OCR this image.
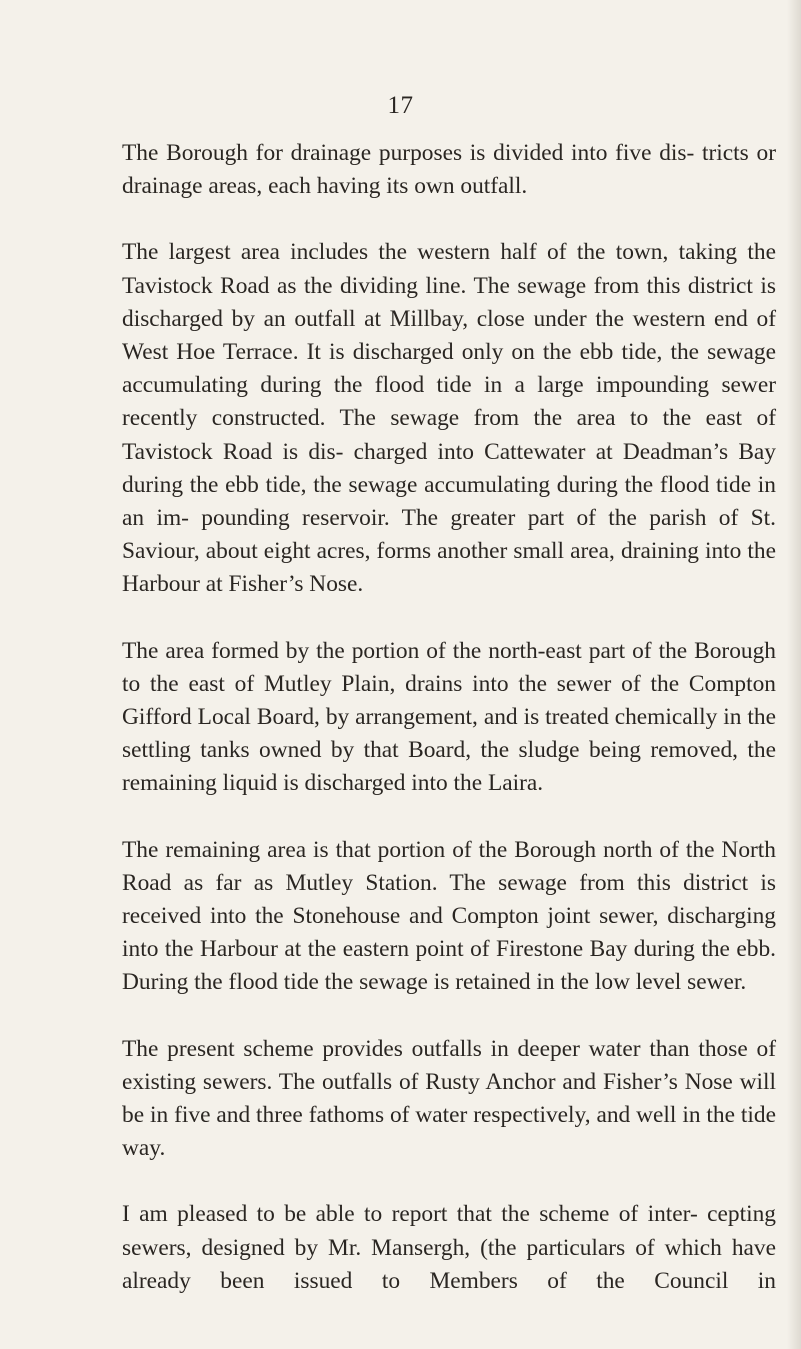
17

The Borough for drainage purposes is divided into five dis- tricts or drainage areas, each having its own outfall.

The largest area includes the western half of the town, taking the Tavistock Road as the dividing line. The sewage from this district is discharged by an outfall at Millbay, close under the western end of West Hoe Terrace. It is discharged only on the ebb tide, the sewage accumulating during the flood tide in a large impounding sewer recently constructed. The sewage from the area to the east of Tavistock Road is dis- charged into Cattewater at Deadman’s Bay during the ebb tide, the sewage accumulating during the flood tide in an im- pounding reservoir. The greater part of the parish of St. Saviour, about eight acres, forms another small area, draining into the Harbour at Fisher’s Nose.

The area formed by the portion of the north-east part of the Borough to the east of Mutley Plain, drains into the sewer of the Compton Gifford Local Board, by arrangement, and is treated chemically in the settling tanks owned by that Board, the sludge being removed, the remaining liquid is discharged into the Laira.

The remaining area is that portion of the Borough north of the North Road as far as Mutley Station. The sewage from this district is received into the Stonehouse and Compton joint sewer, discharging into the Harbour at the eastern point of Firestone Bay during the ebb. During the flood tide the sewage is retained in the low level sewer.

The present scheme provides outfalls in deeper water than those of existing sewers. The outfalls of Rusty Anchor and Fisher’s Nose will be in five and three fathoms of water respectively, and well in the tide way.

I am pleased to be able to report that the scheme of inter- cepting sewers, designed by Mr. Mansergh, (the particulars of which have already been issued to Members of the Council in
